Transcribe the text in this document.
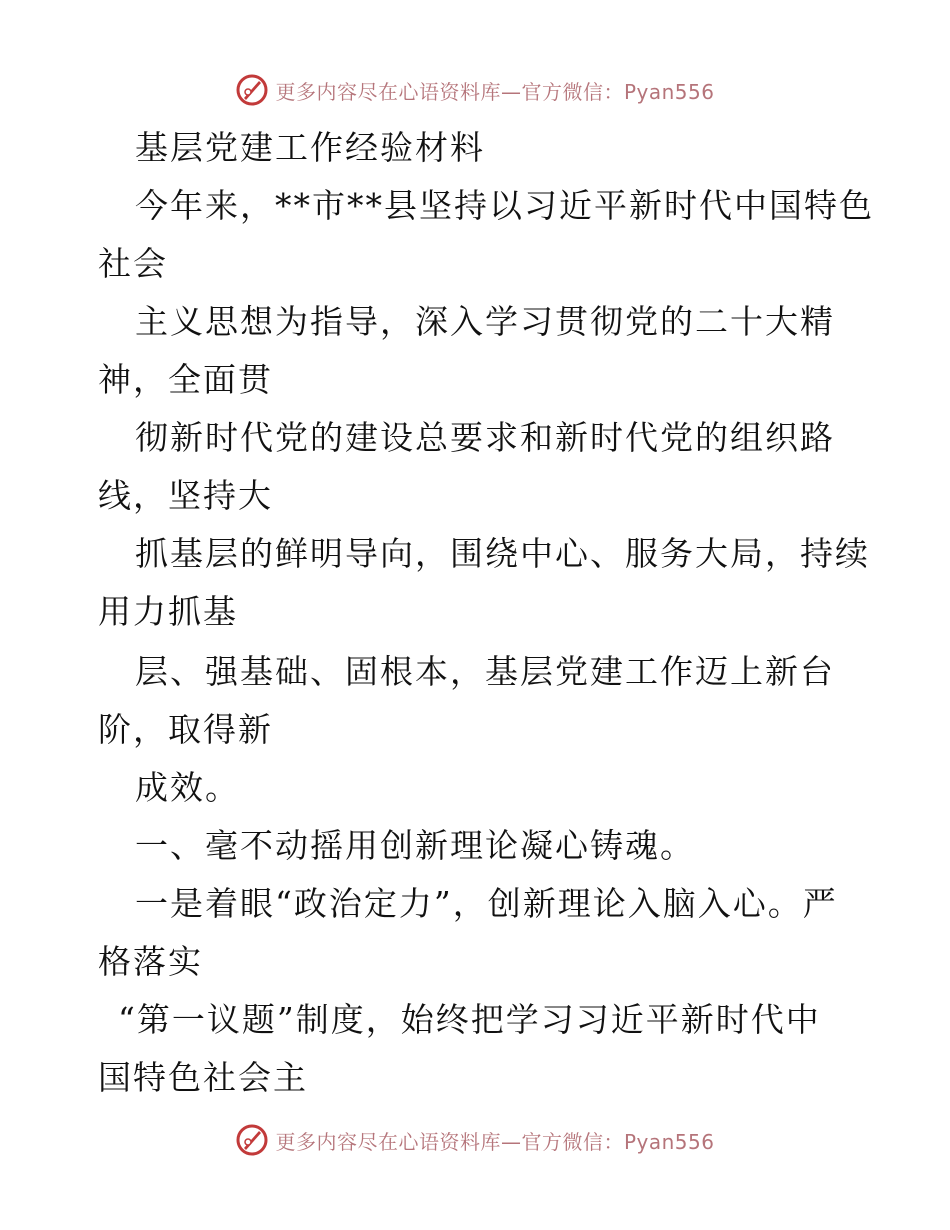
更多内容尽在心语资料库—官方微信：Pyan556
基层党建工作经验材料
今年来，**市**县坚持以习近平新时代中国特色
社会
主义思想为指导，深入学习贯彻党的二十大精
神，全面贯
彻新时代党的建设总要求和新时代党的组织路
线，坚持大
抓基层的鲜明导向，围绕中心、服务大局，持续
用力抓基
层、强基础、固根本，基层党建工作迈上新台
阶，取得新
成效。
一、毫不动摇用创新理论凝心铸魂。
一是着眼“政治定力”，创新理论入脑入心。严
格落实
“第一议题”制度，始终把学习习近平新时代中
国特色社会主
更多内容尽在心语资料库—官方微信：Pyan556
